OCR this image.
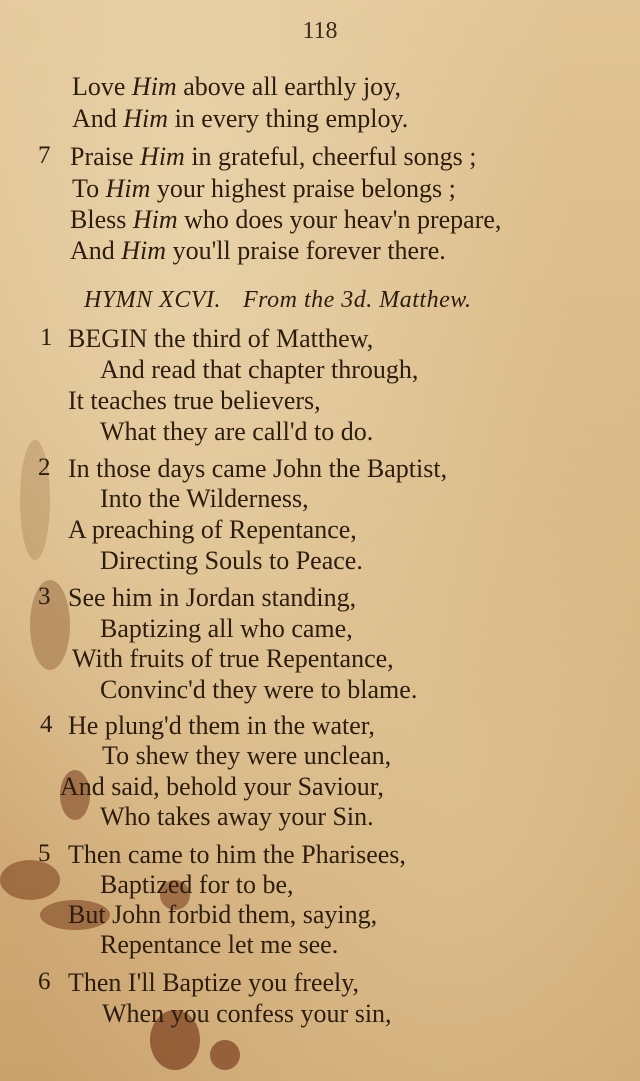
118
Love Him above all earthly joy,
And Him in every thing employ.
7 Praise Him in grateful, cheerful songs ;
To Him your highest praise belongs ;
Bless Him who does your heav'n prepare,
And Him you'll praise forever there.
HYMN XCVI. From the 3d. Matthew.
1 BEGIN the third of Matthew,
And read that chapter through,
It teaches true believers,
What they are call'd to do.
2 In those days came John the Baptist,
Into the Wilderness,
A preaching of Repentance,
Directing Souls to Peace.
3 See him in Jordan standing,
Baptizing all who came,
With fruits of true Repentance,
Convinc'd they were to blame.
4 He plung'd them in the water,
To shew they were unclean,
And said, behold your Saviour,
Who takes away your Sin.
5 Then came to him the Pharisees,
Baptized for to be,
But John forbid them, saying,
Repentance let me see.
6 Then I'll Baptize you freely,
When you confess your sin,
